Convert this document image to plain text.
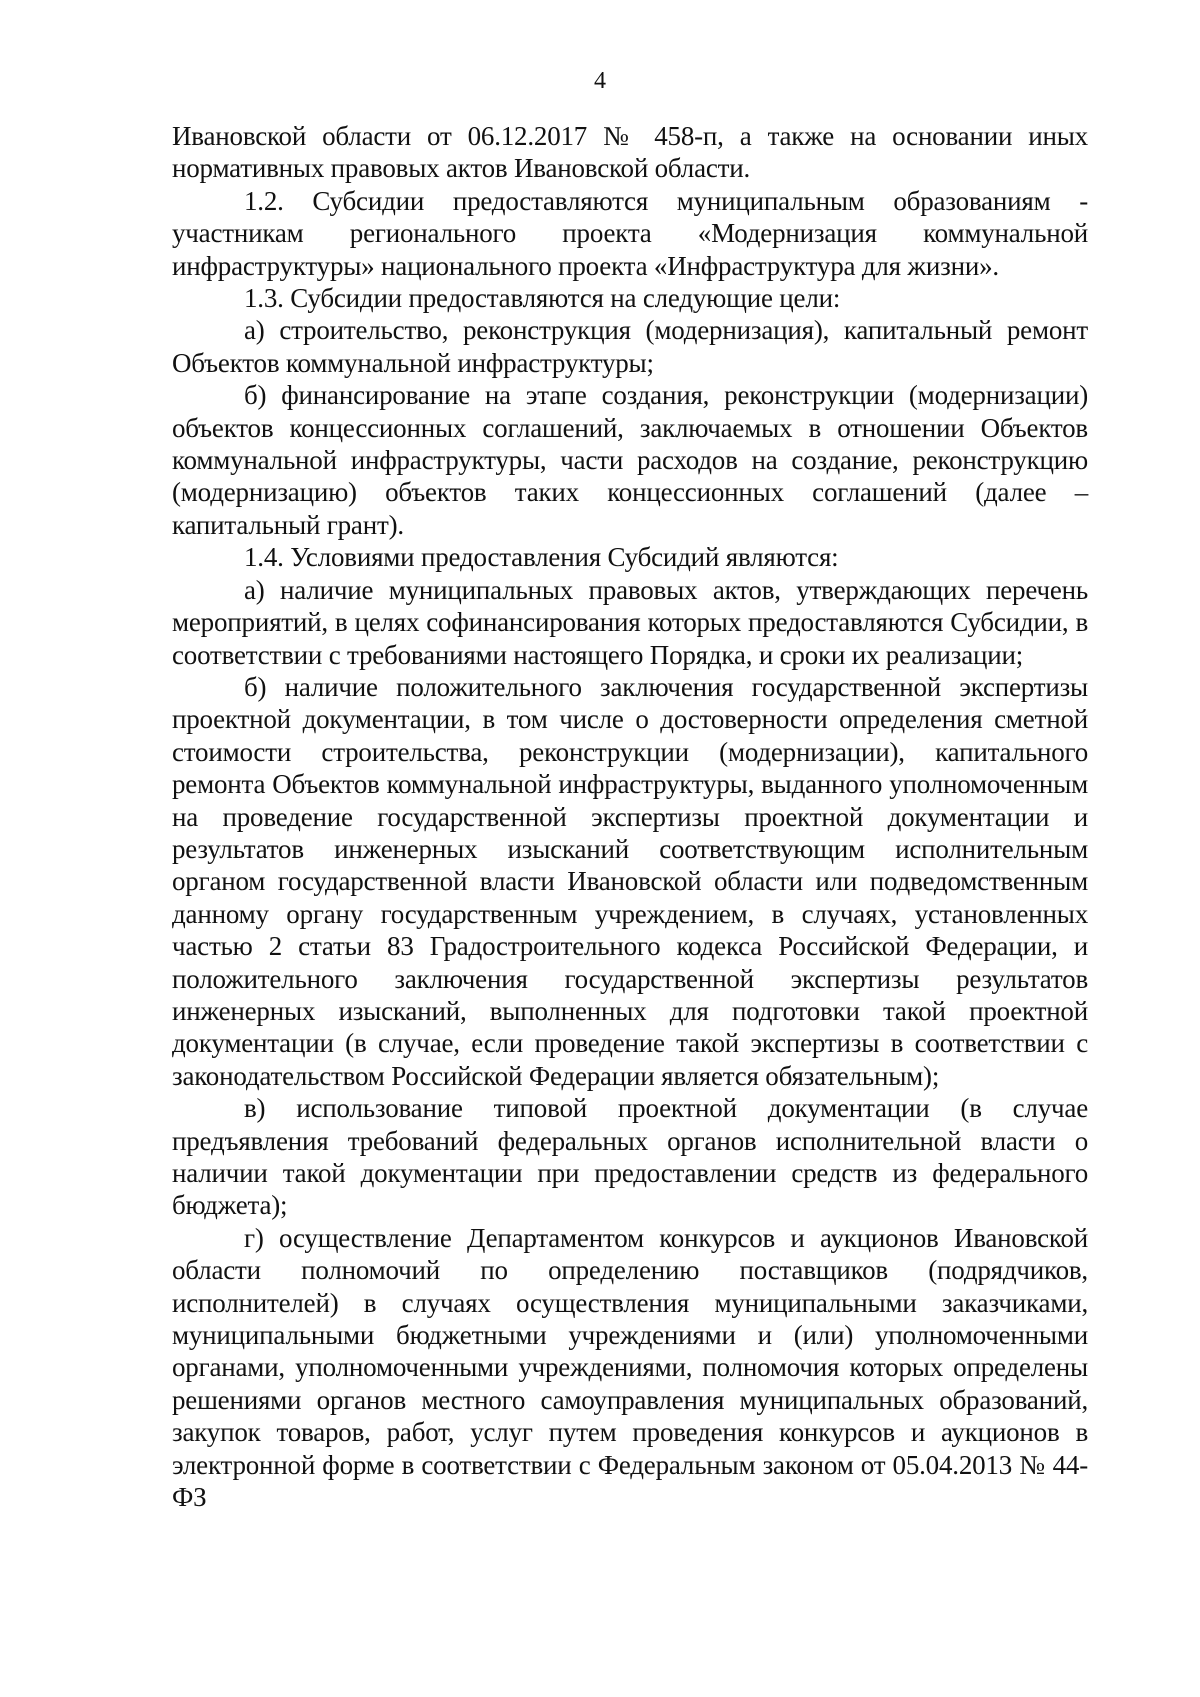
4

Ивановской области от 06.12.2017 № 458-п, а также на основании иных нормативных правовых актов Ивановской области.

1.2. Субсидии предоставляются муниципальным образованиям - участникам регионального проекта «Модернизация коммунальной инфраструктуры» национального проекта «Инфраструктура для жизни».

1.3. Субсидии предоставляются на следующие цели:

а) строительство, реконструкция (модернизация), капитальный ремонт Объектов коммунальной инфраструктуры;

б) финансирование на этапе создания, реконструкции (модернизации) объектов концессионных соглашений, заключаемых в отношении Объектов коммунальной инфраструктуры, части расходов на создание, реконструкцию (модернизацию) объектов таких концессионных соглашений (далее – капитальный грант).

1.4. Условиями предоставления Субсидий являются:

а) наличие муниципальных правовых актов, утверждающих перечень мероприятий, в целях софинансирования которых предоставляются Субсидии, в соответствии с требованиями настоящего Порядка, и сроки их реализации;

б) наличие положительного заключения государственной экспертизы проектной документации, в том числе о достоверности определения сметной стоимости строительства, реконструкции (модернизации), капитального ремонта Объектов коммунальной инфраструктуры, выданного уполномоченным на проведение государственной экспертизы проектной документации и результатов инженерных изысканий соответствующим исполнительным органом государственной власти Ивановской области или подведомственным данному органу государственным учреждением, в случаях, установленных частью 2 статьи 83 Градостроительного кодекса Российской Федерации, и положительного заключения государственной экспертизы результатов инженерных изысканий, выполненных для подготовки такой проектной документации (в случае, если проведение такой экспертизы в соответствии с законодательством Российской Федерации является обязательным);

в) использование типовой проектной документации (в случае предъявления требований федеральных органов исполнительной власти о наличии такой документации при предоставлении средств из федерального бюджета);

г) осуществление Департаментом конкурсов и аукционов Ивановской области полномочий по определению поставщиков (подрядчиков, исполнителей) в случаях осуществления муниципальными заказчиками, муниципальными бюджетными учреждениями и (или) уполномоченными органами, уполномоченными учреждениями, полномочия которых определены решениями органов местного самоуправления муниципальных образований, закупок товаров, работ, услуг путем проведения конкурсов и аукционов в электронной форме в соответствии с Федеральным законом от 05.04.2013 № 44-ФЗ
